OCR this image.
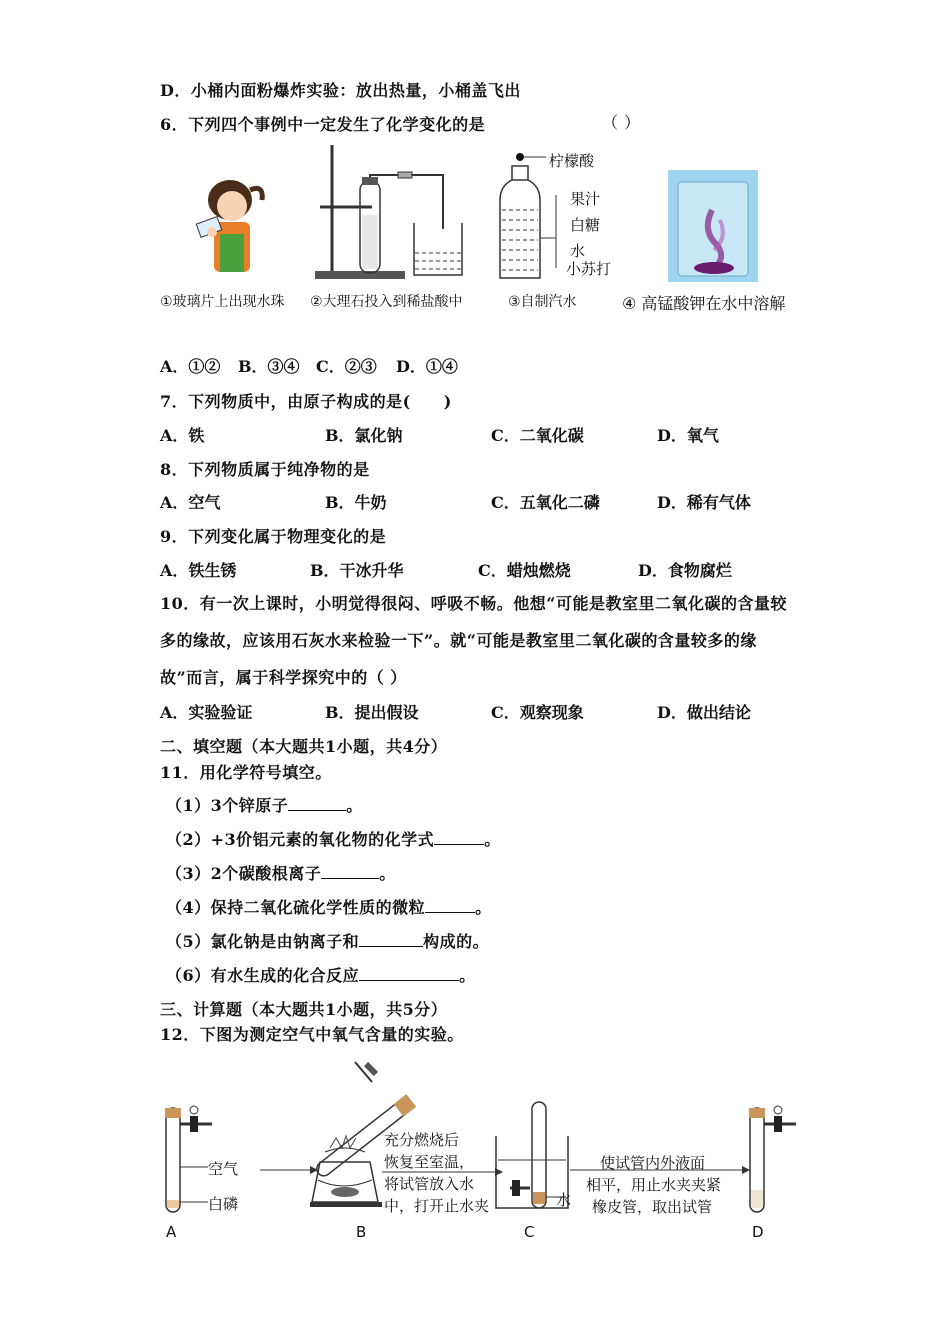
D．小桶内面粉爆炸实验：放出热量，小桶盖飞出
6．下列四个事例中一定发生了化学变化的是	（ ）
①玻璃片上出现水珠 ②大理石投入到稀盐酸中
柠檬酸
果汁
白糖
水
小苏打
③自制汽水	④ 高锰酸钾在水中溶解
A．①② B．③④ C．②③ D．①④
7．下列物质中，由原子构成的是(　　)
A．铁	B．氯化钠	C．二氧化碳	D．氧气
8．下列物质属于纯净物的是
A．空气	B．牛奶	C．五氧化二磷	D．稀有气体
9．下列变化属于物理变化的是
A．铁生锈	B．干冰升华	C．蜡烛燃烧	D．食物腐烂
10．有一次上课时，小明觉得很闷、呼吸不畅。他想“可能是教室里二氧化碳的含量较
多的缘故，应该用石灰水来检验一下”。就“可能是教室里二氧化碳的含量较多的缘
故”而言，属于科学探究中的（ ）
A．实验验证	B．提出假设	C．观察现象	D．做出结论
二、填空题（本大题共1小题，共4分）
11．用化学符号填空。
（1）3个锌原子	。
（2）+3价铝元素的氧化物的化学式	。
（3）2个碳酸根离子	。
（4）保持二氧化硫化学性质的微粒	。
（5）氯化钠是由钠离子和	构成的。
（6）有水生成的化合反应	。
三、计算题（本大题共1小题，共5分）
12．下图为测定空气中氧气含量的实验。
空气
白磷	水
充分燃烧后
恢复至室温，
将试管放入水
中，打开止水夹
使试管内外液面
相平，用止水夹夹紧
橡皮管，取出试管
A	B	C	D
